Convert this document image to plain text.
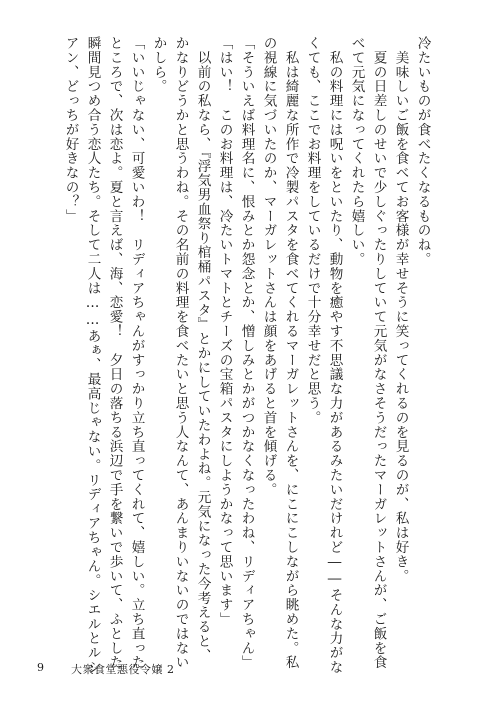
冷たいものが食べたくなるものね。
　美味しいご飯を食べてお客様が幸せそうに笑ってくれるのを見るのが、私は好き。
　夏の日差しのせいで少しぐったりしていて元気がなさそうだったマーガレットさんが、ご飯を食
べて元気になってくれたら嬉しい。
　私の料理には呪いをといたり、動物を癒やす不思議な力があるみたいだけれど――そんな力がな
くても、ここでお料理をしているだけで十分幸せだと思う。
　私は綺麗な所作で冷製パスタを食べてくれるマーガレットさんを、にこにこしながら眺めた。私
の視線に気づいたのか、マーガレットさんは顔をあげると首を傾げる。
「そういえば料理名に、恨みとか怨念とか、憎しみとかがつかなくなったわね、リディアちゃん」
「はい！　このお料理は、冷たいトマトとチーズの宝箱パスタにしようかなって思います」
　以前の私なら、『浮気男血祭り棺桶パスタ』とかにしていたわよね。元気になった今考えると、
かなりどうかと思うわね。その名前の料理を食べたいと思う人なんて、あんまりいないのではない
かしら。
「いいじゃない、可愛いわ！　リディアちゃんがすっかり立ち直ってくれて、嬉しい。立ち直った
ところで、次は恋よ。夏と言えば、海、恋愛！　夕日の落ちる浜辺で手を繋いで歩いて、ふとした
瞬間見つめ合う恋人たち。そして二人は……あぁ、最高じゃない。リディアちゃん。シエルとルシ
アン、どっちが好きなの？」
9 大衆食堂悪役令嬢 2
